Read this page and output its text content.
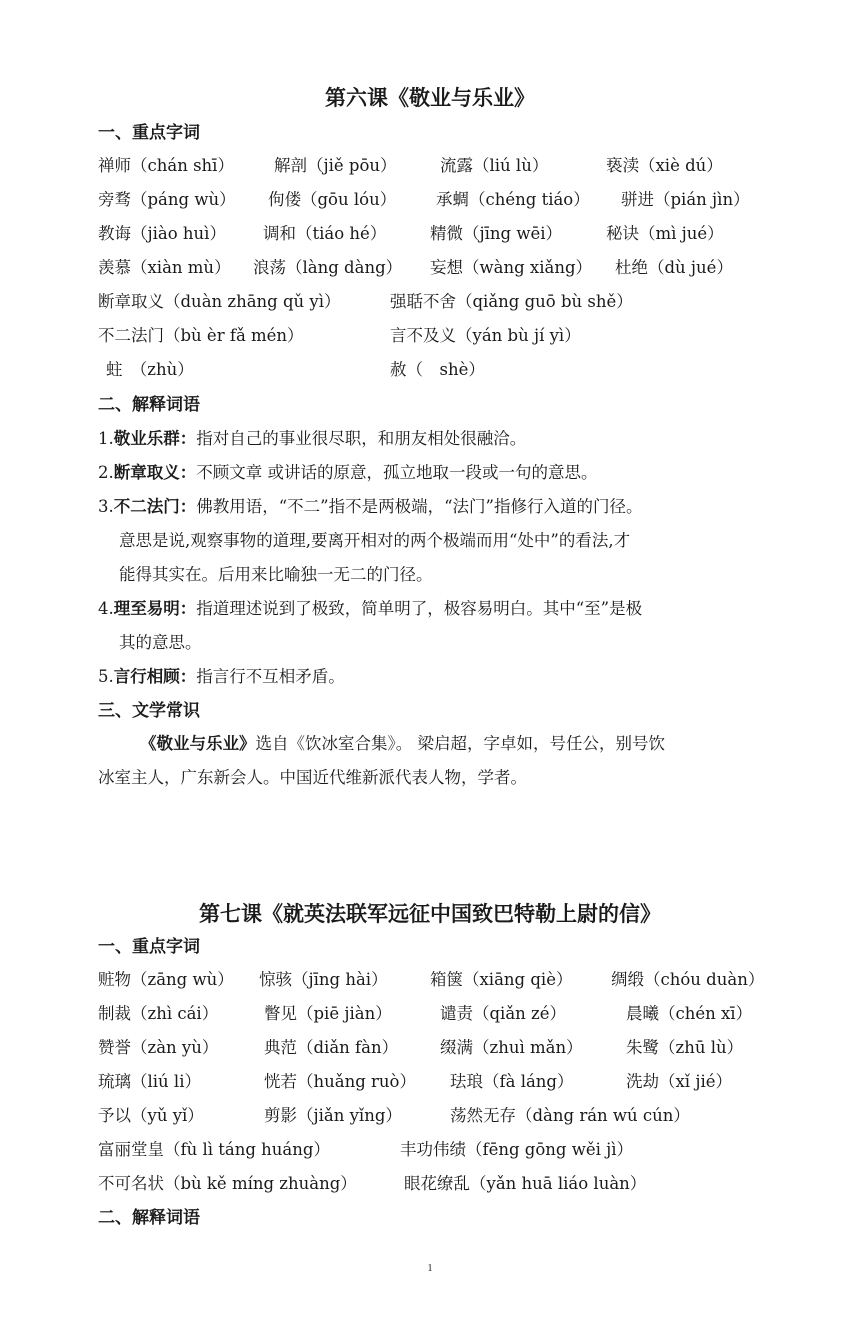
第六课《敬业与乐业》
一、重点字词
禅师（chán shī） 解剖（jiě pōu）	流露（liú lù）	亵渎（xiè dú）
旁骛（páng wù） 佝偻（gōu lóu） 承蜩（chéng tiáo） 骈进（pián jìn）
教诲（jiào huì） 调和（tiáo hé）	精微（jīng wēi）	秘诀（mì jué）
羡慕（xiàn mù） 浪荡（làng dàng） 妄想（wàng xiǎng） 杜绝（dù jué）
断章取义（duàn zhāng qǔ yì）	强聒不舍（qiǎng guō bù shě）
不二法门（bù èr fǎ mén）	言不及义（yán bù jí yì）
蛀　（zhù）	赦（　shè）
二、解释词语
1.敬业乐群：指对自己的事业很尽职，和朋友相处很融洽。
2.断章取义：不顾文章 或讲话的原意，孤立地取一段或一句的意思。
3.不二法门：佛教用语，“不二”指不是两极端，“法门”指修行入道的门径。
意思是说,观察事物的道理,要离开相对的两个极端而用“处中”的看法,才
能得其实在。后用来比喻独一无二的门径。
4.理至易明：指道理述说到了极致，简单明了，极容易明白。其中“至”是极
其的意思。
5.言行相顾：指言行不互相矛盾。
三、文学常识
《敬业与乐业》选自《饮冰室合集》。 梁启超，字卓如，号任公，别号饮
冰室主人，广东新会人。中国近代维新派代表人物，学者。
第七课《就英法联军远征中国致巴特勒上尉的信》
一、重点字词
赃物（zāng wù） 惊骇（jīng hài）	箱箧（xiāng qiè） 绸缎（chóu duàn）
制裁（zhì cái）	瞥见（piē jiàn）	谴责（qiǎn zé）	晨曦（chén xī）
赞誉（zàn yù）	典范（diǎn fàn）	缀满（zhuì mǎn）	朱鹭（zhū lù）
琉璃（liú li）	恍若（huǎng ruò） 珐琅（fà láng）	洗劫（xǐ jié）
予以（yǔ yǐ）	剪影（jiǎn yǐng）	荡然无存（dàng rán wú cún）
富丽堂皇（fù lì táng huáng）	丰功伟绩（fēng gōng wěi jì）
不可名状（bù kě míng zhuàng）	眼花缭乱（yǎn huā liáo luàn）
二、解释词语
1
